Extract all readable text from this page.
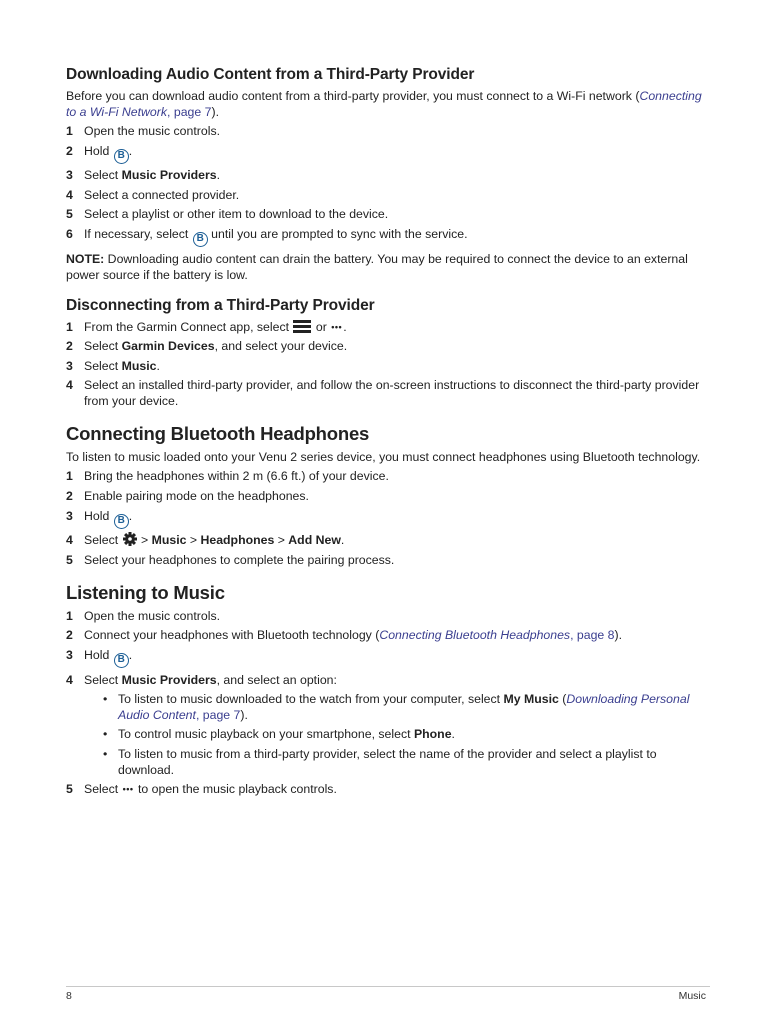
Downloading Audio Content from a Third-Party Provider

Before you can download audio content from a third-party provider, you must connect to a Wi-Fi network (Connecting to a Wi-Fi Network, page 7).

1 Open the music controls.
2 Hold B .
3 Select Music Providers.
4 Select a connected provider.
5 Select a playlist or other item to download to the device.
6 If necessary, select B until you are prompted to sync with the service.

NOTE: Downloading audio content can drain the battery. You may be required to connect the device to an external power source if the battery is low.

Disconnecting from a Third-Party Provider
1 From the Garmin Connect app, select  or •••.
2 Select Garmin Devices, and select your device.
3 Select Music.
4 Select an installed third-party provider, and follow the on-screen instructions to disconnect the third-party provider from your device.
Connecting Bluetooth Headphones

To listen to music loaded onto your Venu 2 series device, you must connect headphones using Bluetooth technology.

1 Bring the headphones within 2 m (6.6 ft.) of your device.
2 Enable pairing mode on the headphones.
3 Hold B .
4 Select  > Music > Headphones > Add New.
5 Select your headphones to complete the pairing process.
Listening to Music
1 Open the music controls.
2 Connect your headphones with Bluetooth technology (Connecting Bluetooth Headphones, page 8).
3 Hold B .
4 Select Music Providers, and select an option:
• To listen to music downloaded to the watch from your computer, select My Music (Downloading Personal Audio Content, page 7).
• To control music playback on your smartphone, select Phone.
• To listen to music from a third-party provider, select the name of the provider and select a playlist to download.
5 Select ••• to open the music playback controls.
8	Music
